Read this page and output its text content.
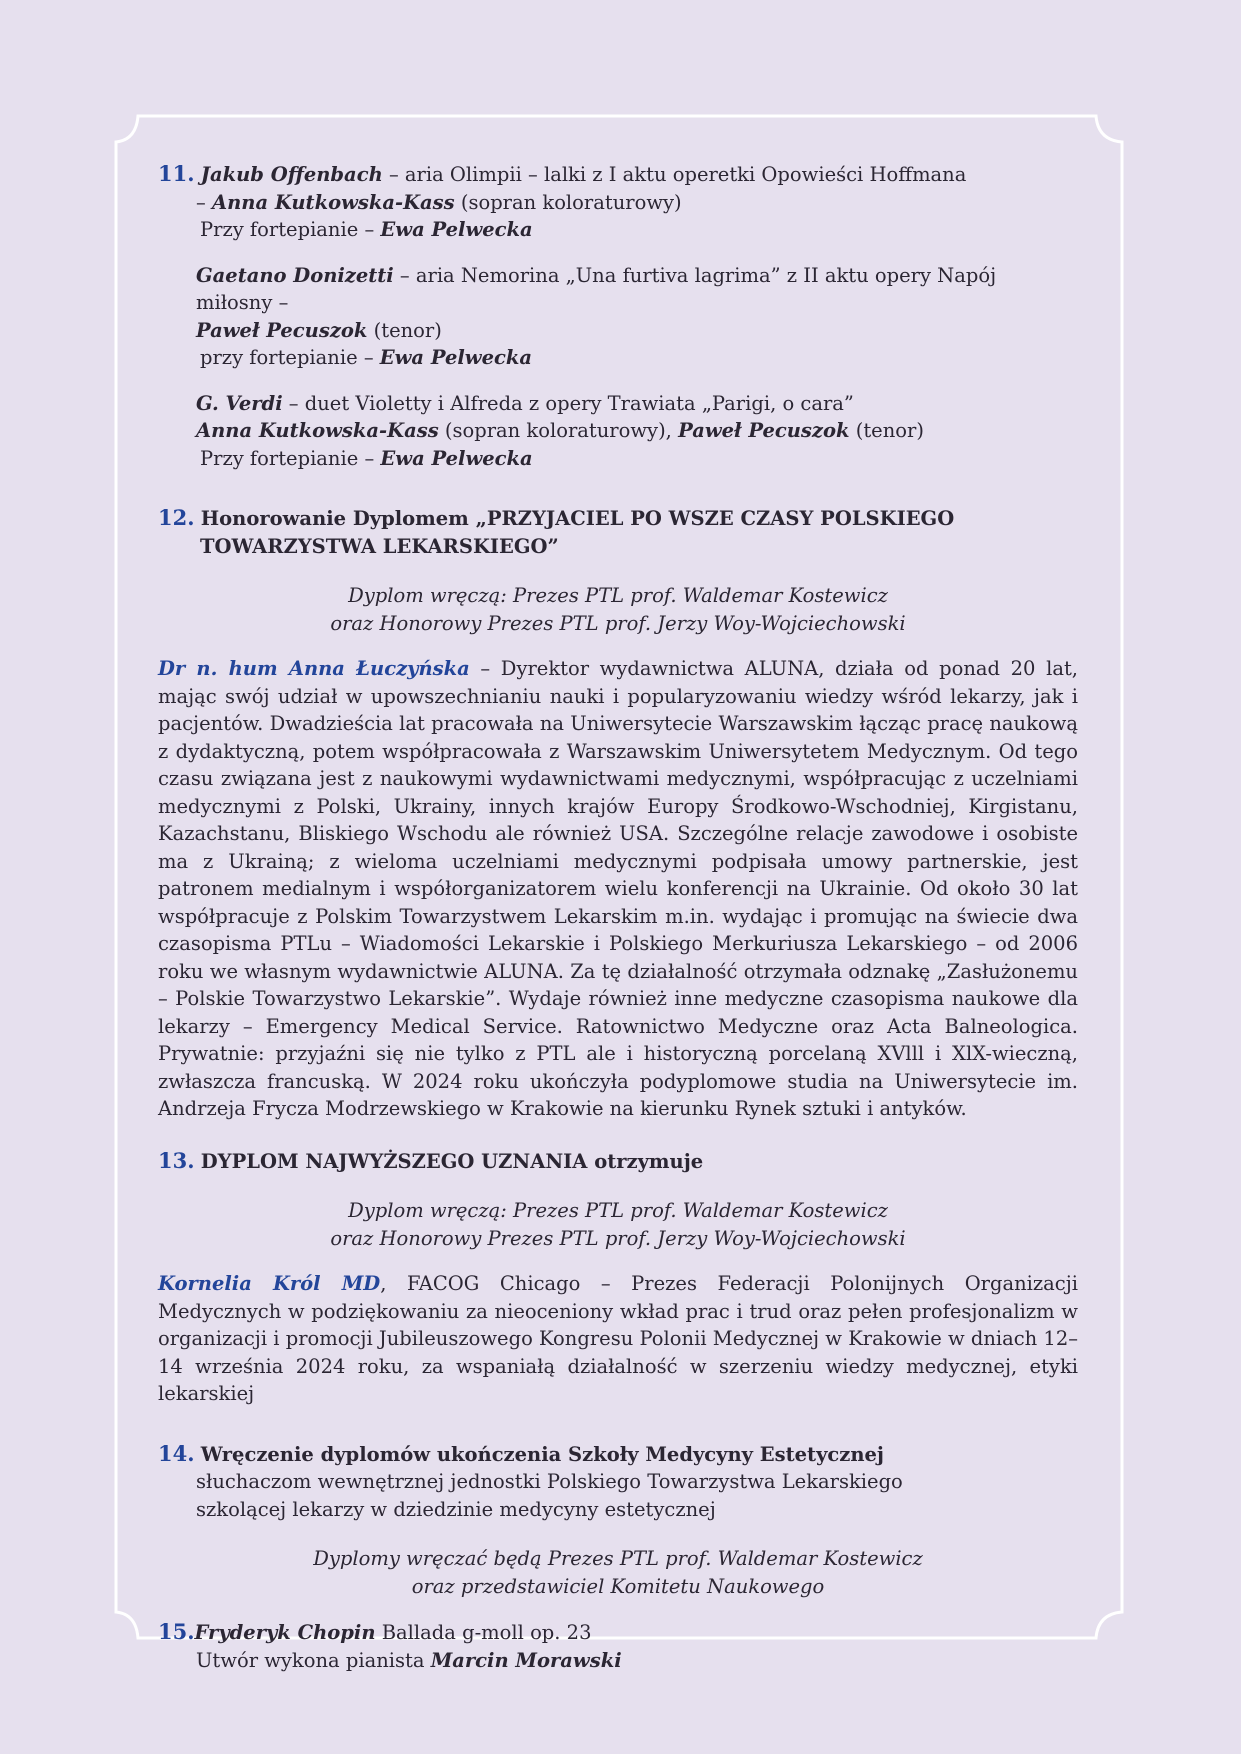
11. Jakub Offenbach – aria Olimpii – lalki z I aktu operetki Opowieści Hoffmana

– Anna Kutkowska-Kass (sopran koloraturowy)

Przy fortepianie – Ewa Pelwecka

Gaetano Donizetti – aria Nemorina „Una furtiva lagrima” z II aktu opery Napój miłosny –

Paweł Pecuszok (tenor)

przy fortepianie – Ewa Pelwecka

G. Verdi – duet Violetty i Alfreda z opery Trawiata „Parigi, o cara”

Anna Kutkowska-Kass (sopran koloraturowy), Paweł Pecuszok (tenor)

Przy fortepianie – Ewa Pelwecka

12. Honorowanie Dyplomem „PRZYJACIEL PO WSZE CZASY POLSKIEGO

TOWARZYSTWA LEKARSKIEGO”

Dyplom wręczą: Prezes PTL prof. Waldemar Kostewicz

oraz Honorowy Prezes PTL prof. Jerzy Woy-Wojciechowski

Dr n. hum Anna Łuczyńska – Dyrektor wydawnictwa ALUNA, działa od ponad 20 lat, mając swój udział w upowszechnianiu nauki i popularyzowaniu wiedzy wśród lekarzy, jak i pacjentów. Dwadzieścia lat pracowała na Uniwersytecie Warszawskim łącząc pracę naukową z dydaktyczną, potem współpracowała z Warszawskim Uniwersytetem Medycznym. Od tego czasu związana jest z naukowymi wydawnictwami medycznymi, współpracując z uczelniami medycznymi z Polski, Ukrainy, innych krajów Europy Środkowo-Wschodniej, Kirgistanu, Kazachstanu, Bliskiego Wschodu ale również USA. Szczególne relacje zawodowe i osobiste ma z Ukrainą; z wieloma uczelniami medycznymi podpisała umowy partnerskie, jest patronem medialnym i współorganizatorem wielu konferencji na Ukrainie. Od około 30 lat współpracuje z Polskim Towarzystwem Lekarskim m.in. wydając i promując na świecie dwa czasopisma PTLu – Wiadomości Lekarskie i Polskiego Merkuriusza Lekarskiego – od 2006 roku we własnym wydawnictwie ALUNA. Za tę działalność otrzymała odznakę „Zasłużonemu – Polskie Towarzystwo Lekarskie”. Wydaje również inne medyczne czasopisma naukowe dla lekarzy – Emergency Medical Service. Ratownictwo Medyczne oraz Acta Balneologica. Prywatnie: przyjaźni się nie tylko z PTL ale i historyczną porcelaną XVlll i XlX-wieczną, zwłaszcza francuską. W 2024 roku ukończyła podyplomowe studia na Uniwersytecie im. Andrzeja Frycza Modrzewskiego w Krakowie na kierunku Rynek sztuki i antyków.

13. DYPLOM NAJWYŻSZEGO UZNANIA otrzymuje

Dyplom wręczą: Prezes PTL prof. Waldemar Kostewicz

oraz Honorowy Prezes PTL prof. Jerzy Woy-Wojciechowski

Kornelia Król MD, FACOG Chicago – Prezes Federacji Polonijnych Organizacji Medycznych w podziękowaniu za nieoceniony wkład prac i trud oraz pełen profesjonalizm w organizacji i promocji Jubileuszowego Kongresu Polonii Medycznej w Krakowie w dniach 12–14 września 2024 roku, za wspaniałą działalność w szerzeniu wiedzy medycznej, etyki lekarskiej

14. Wręczenie dyplomów ukończenia Szkoły Medycyny Estetycznej

słuchaczom wewnętrznej jednostki Polskiego Towarzystwa Lekarskiego

szkolącej lekarzy w dziedzinie medycyny estetycznej

Dyplomy wręczać będą Prezes PTL prof. Waldemar Kostewicz

oraz przedstawiciel Komitetu Naukowego

15.Fryderyk Chopin Ballada g-moll op. 23

Utwór wykona pianista Marcin Morawski
